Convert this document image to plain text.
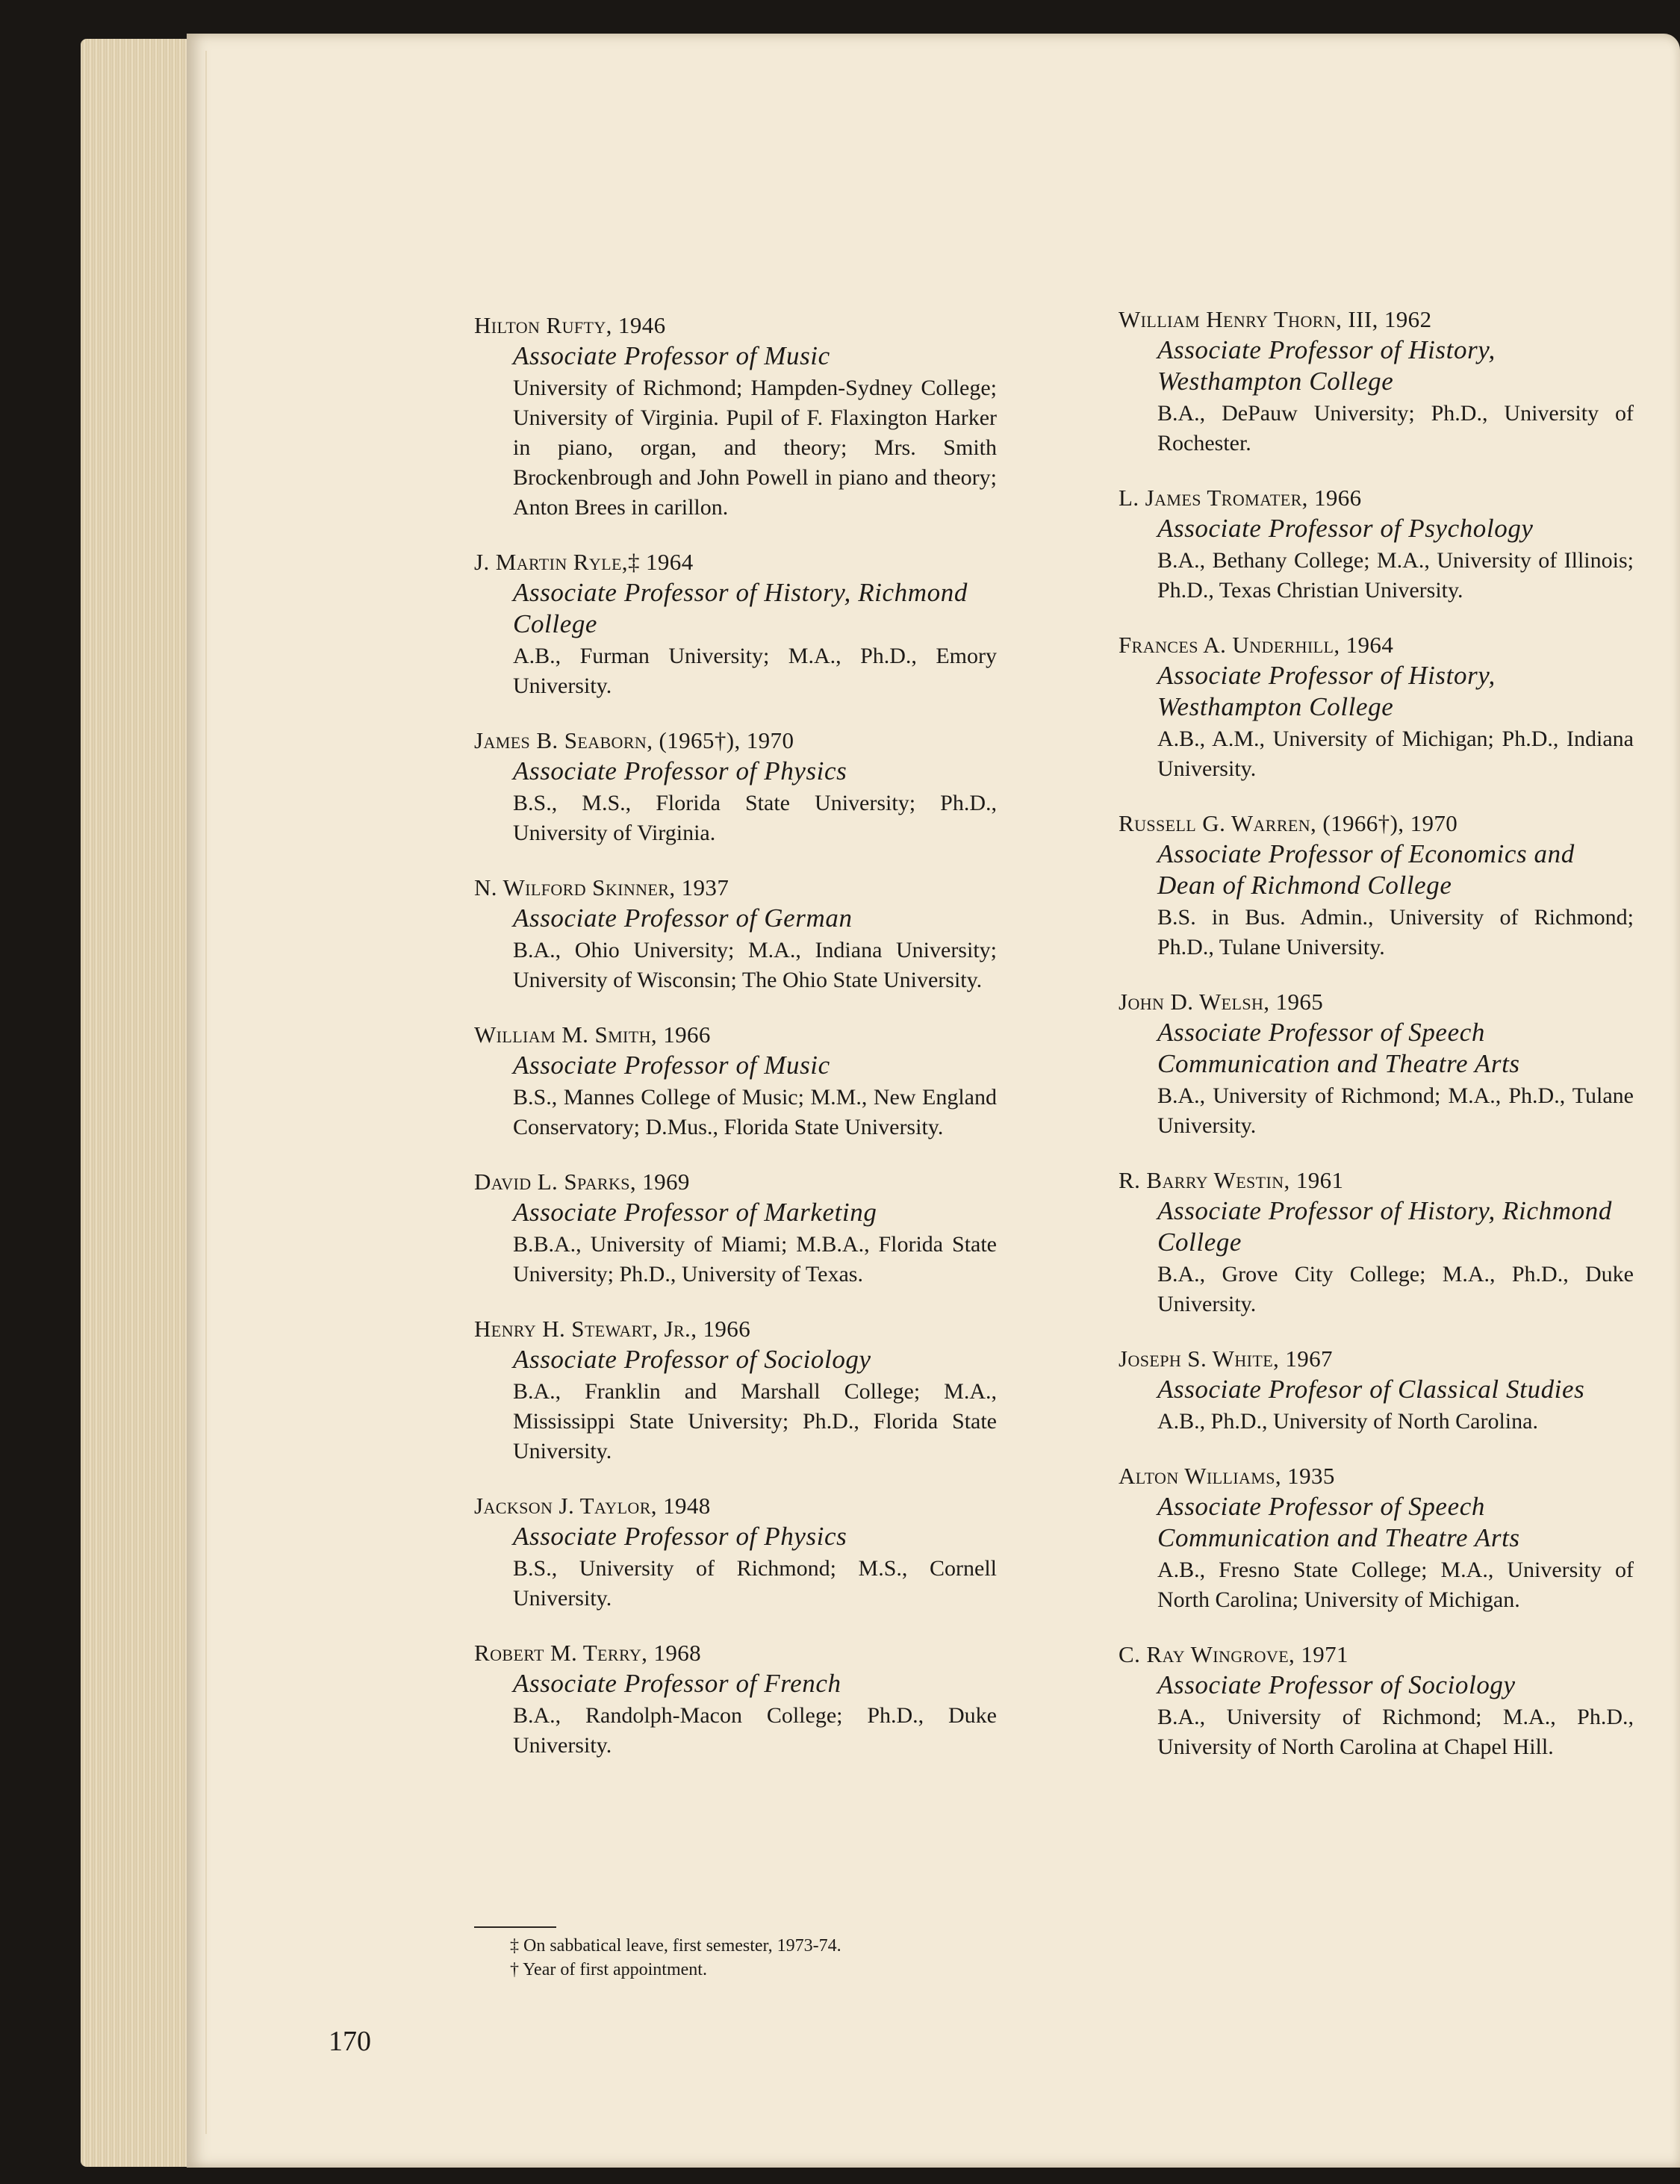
Hilton Rufty, 1946
Associate Professor of Music
University of Richmond; Hampden-Sydney College; University of Virginia. Pupil of F. Flaxington Harker in piano, organ, and theory; Mrs. Smith Brockenbrough and John Powell in piano and theory; Anton Brees in carillon.
J. Martin Ryle,‡ 1964
Associate Professor of History, Richmond College
A.B., Furman University; M.A., Ph.D., Emory University.
James B. Seaborn, (1965†), 1970
Associate Professor of Physics
B.S., M.S., Florida State University; Ph.D., University of Virginia.
N. Wilford Skinner, 1937
Associate Professor of German
B.A., Ohio University; M.A., Indiana University; University of Wisconsin; The Ohio State University.
William M. Smith, 1966
Associate Professor of Music
B.S., Mannes College of Music; M.M., New England Conservatory; D.Mus., Florida State University.
David L. Sparks, 1969
Associate Professor of Marketing
B.B.A., University of Miami; M.B.A., Florida State University; Ph.D., University of Texas.
Henry H. Stewart, Jr., 1966
Associate Professor of Sociology
B.A., Franklin and Marshall College; M.A., Mississippi State University; Ph.D., Florida State University.
Jackson J. Taylor, 1948
Associate Professor of Physics
B.S., University of Richmond; M.S., Cornell University.
Robert M. Terry, 1968
Associate Professor of French
B.A., Randolph-Macon College; Ph.D., Duke University.
‡ On sabbatical leave, first semester, 1973-74.
† Year of first appointment.
William Henry Thorn, III, 1962
Associate Professor of History, Westhampton College
B.A., DePauw University; Ph.D., University of Rochester.
L. James Tromater, 1966
Associate Professor of Psychology
B.A., Bethany College; M.A., University of Illinois; Ph.D., Texas Christian University.
Frances A. Underhill, 1964
Associate Professor of History, Westhampton College
A.B., A.M., University of Michigan; Ph.D., Indiana University.
Russell G. Warren, (1966†), 1970
Associate Professor of Economics and Dean of Richmond College
B.S. in Bus. Admin., University of Richmond; Ph.D., Tulane University.
John D. Welsh, 1965
Associate Professor of Speech Communication and Theatre Arts
B.A., University of Richmond; M.A., Ph.D., Tulane University.
R. Barry Westin, 1961
Associate Professor of History, Richmond College
B.A., Grove City College; M.A., Ph.D., Duke University.
Joseph S. White, 1967
Associate Profesor of Classical Studies
A.B., Ph.D., University of North Carolina.
Alton Williams, 1935
Associate Professor of Speech Communication and Theatre Arts
A.B., Fresno State College; M.A., University of North Carolina; University of Michigan.
C. Ray Wingrove, 1971
Associate Professor of Sociology
B.A., University of Richmond; M.A., Ph.D., University of North Carolina at Chapel Hill.
170
